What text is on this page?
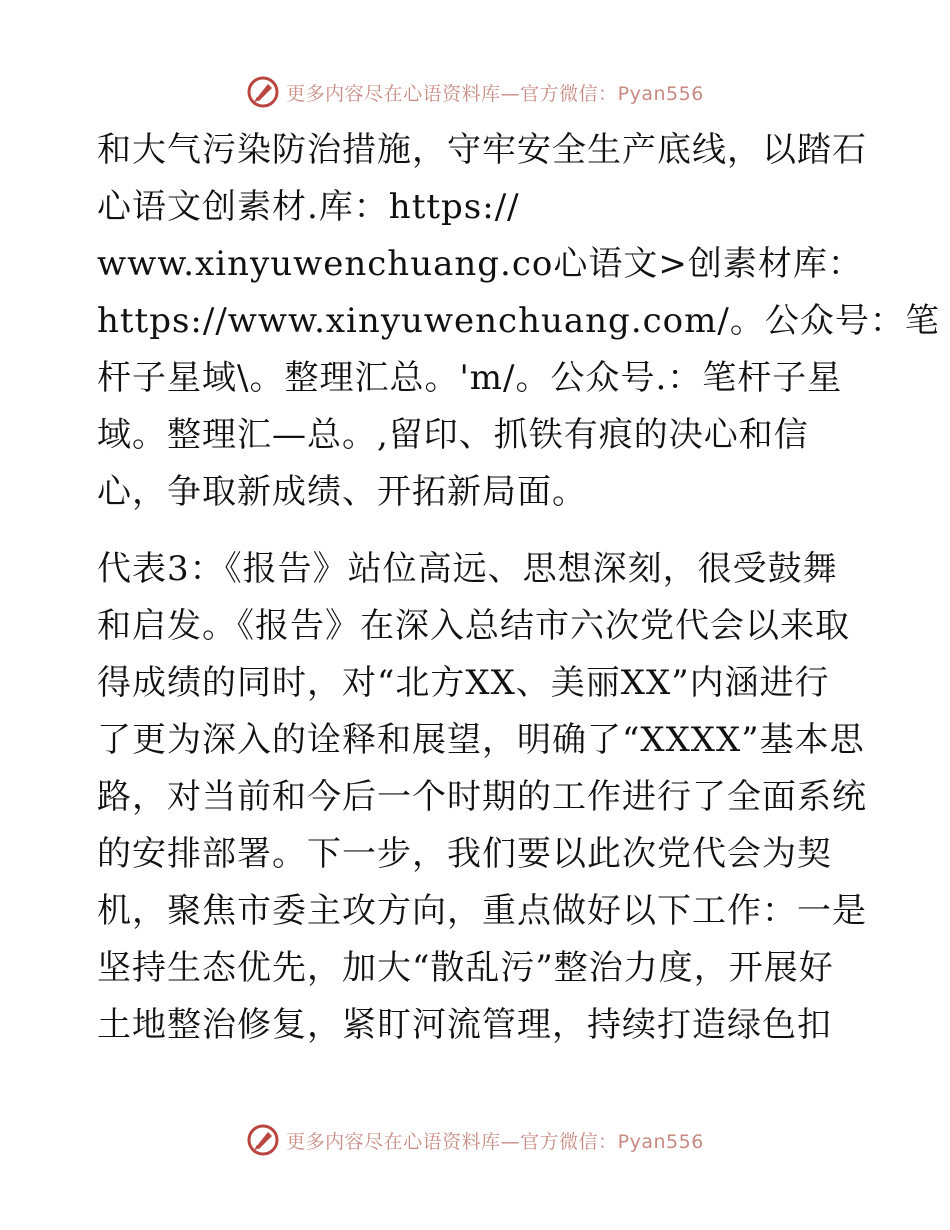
更多内容尽在心语资料库—官方微信：Pyan556
和大气污染防治措施，守牢安全生产底线，以踏石
心语文创素材.库：https://
www.xinyuwenchuang.co心语文>创素材库：
https://www.xinyuwenchuang.com/。公众号：笔
杆子星域\。整理汇总。'm/。公众号.：笔杆子星
域。整理汇—总。,留印、抓铁有痕的决心和信
心，争取新成绩、开拓新局面。
代表3：《报告》站位高远、思想深刻，很受鼓舞
和启发。《报告》在深入总结市六次党代会以来取
得成绩的同时，对“北方XX、美丽XX”内涵进行
了更为深入的诠释和展望，明确了“XXXX”基本思
路，对当前和今后一个时期的工作进行了全面系统
的安排部署。下一步，我们要以此次党代会为契
机，聚焦市委主攻方向，重点做好以下工作：一是
坚持生态优先，加大“散乱污”整治力度，开展好
土地整治修复，紧盯河流管理，持续打造绿色扣
更多内容尽在心语资料库—官方微信：Pyan556
